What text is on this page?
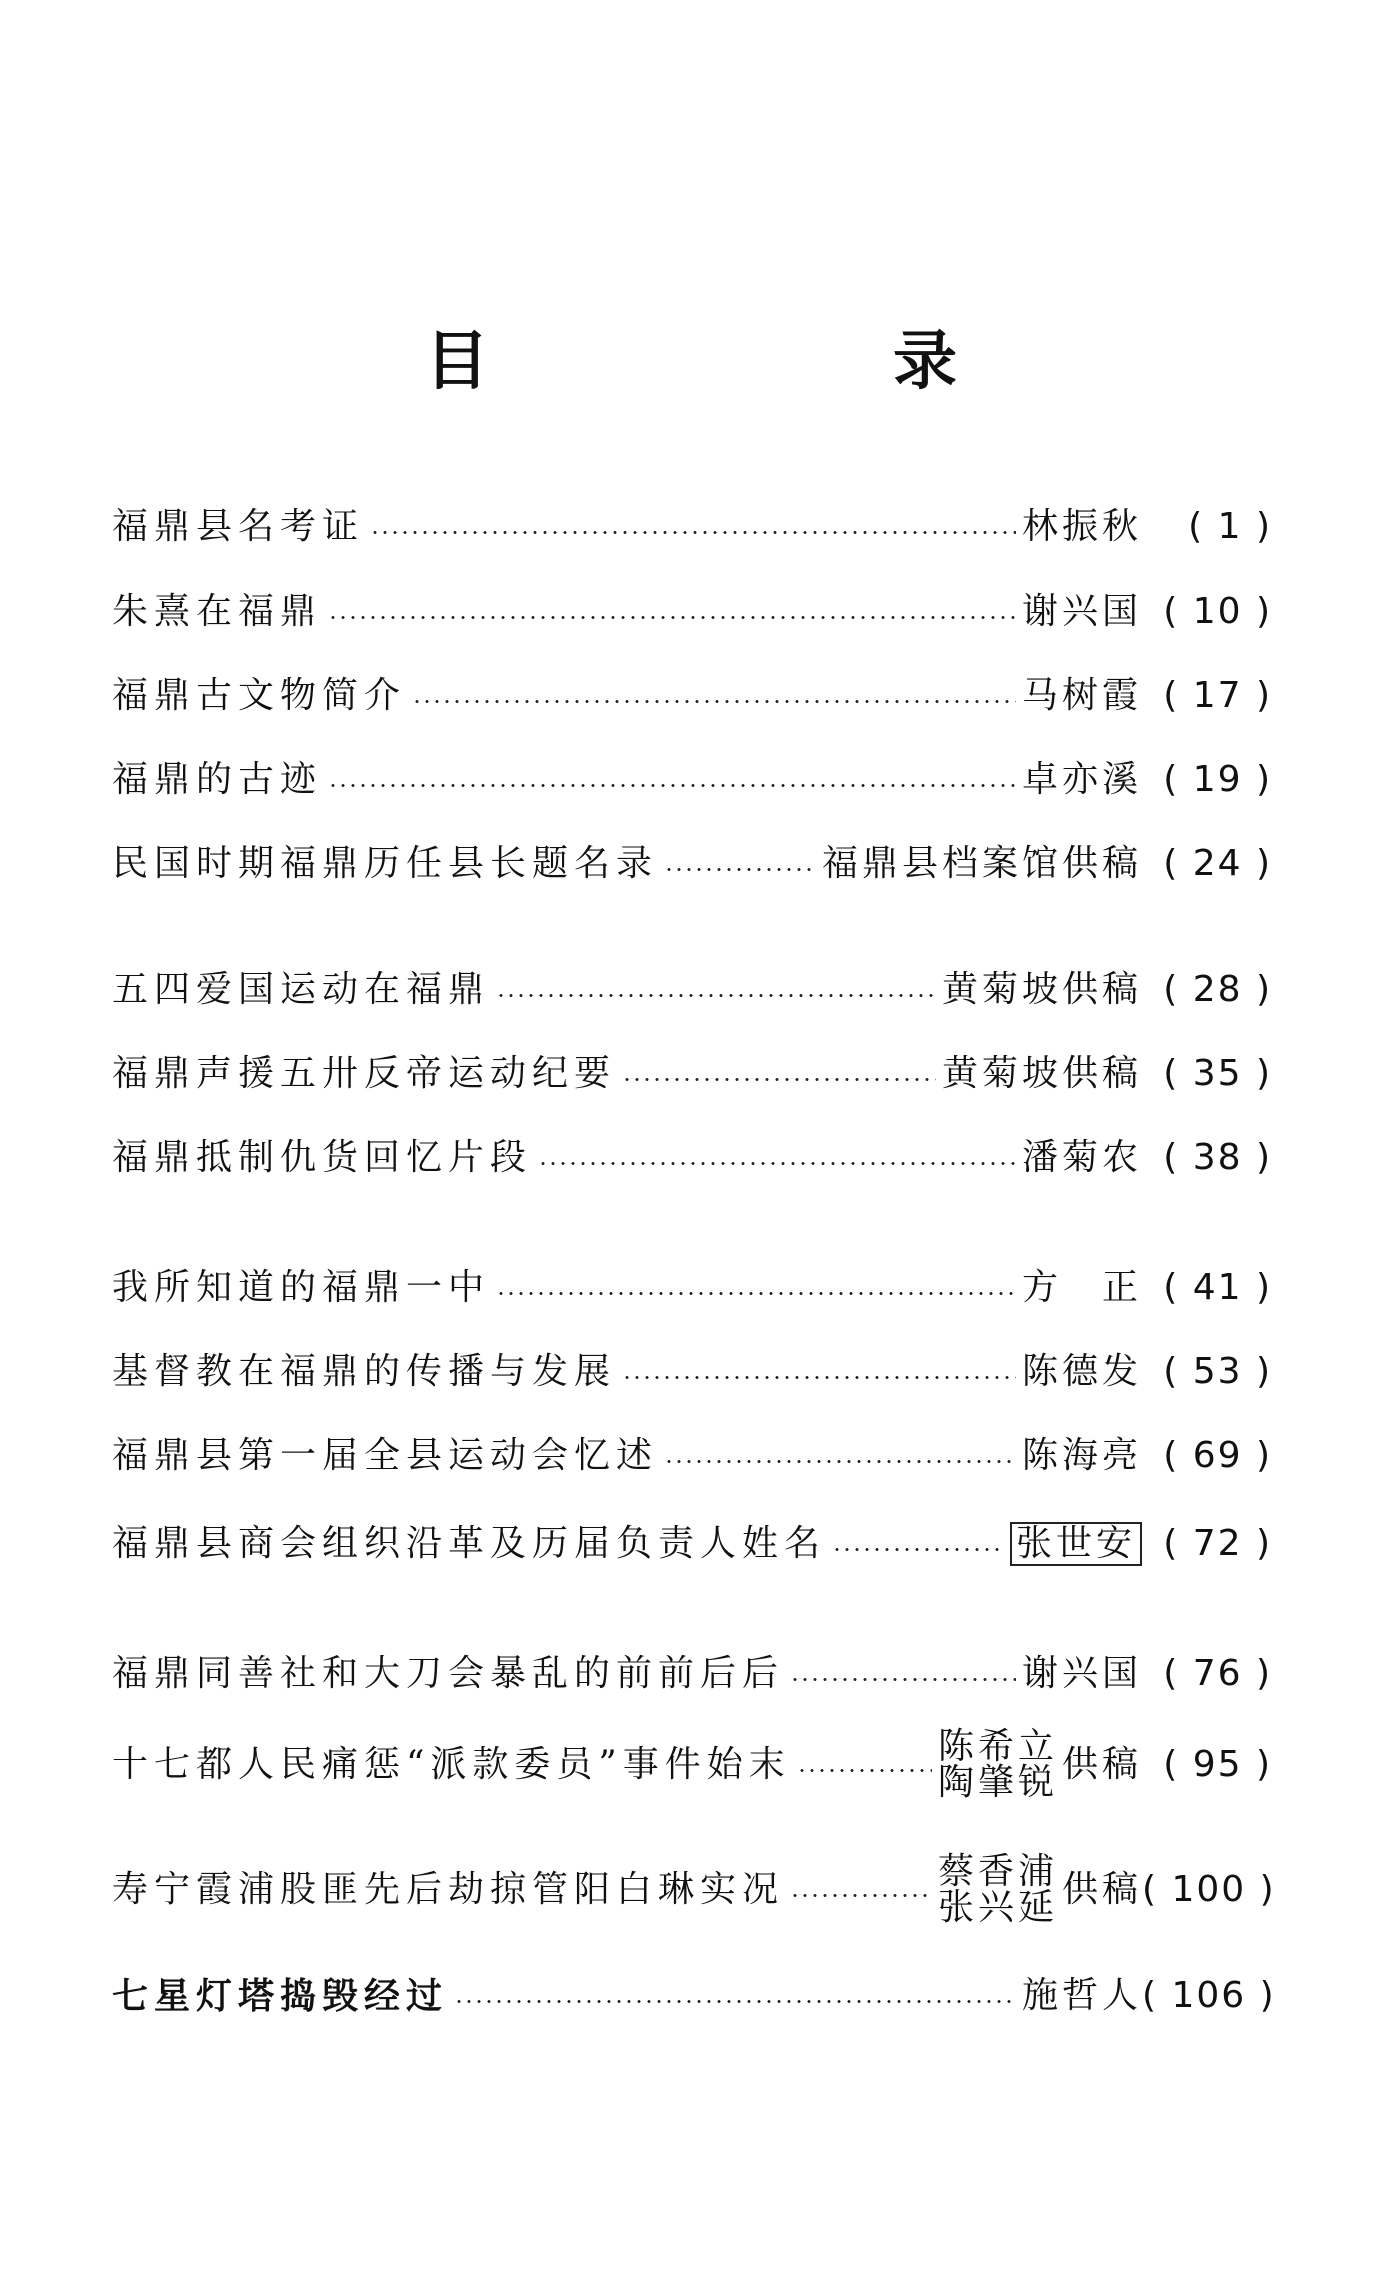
目　录
福鼎县名考证	林振秋	( 1 )
朱熹在福鼎	谢兴国 ( 10 )
福鼎古文物简介	马树霞 ( 17 )
福鼎的古迹	卓亦溪 ( 19 )
民国时期福鼎历任县长题名录	福鼎县档案馆供稿 ( 24 )
五四爱国运动在福鼎	黄菊坡供稿 ( 28 )
福鼎声援五卅反帝运动纪要	黄菊坡供稿 ( 35 )
福鼎抵制仇货回忆片段	潘菊农 ( 38 )
我所知道的福鼎一中	方　正 ( 41 )
基督教在福鼎的传播与发展	陈德发 ( 53 )
福鼎县第一届全县运动会忆述	陈海亮 ( 69 )
福鼎县商会组织沿革及历届负责人姓名	张世安 ( 72 )
福鼎同善社和大刀会暴乱的前前后后	谢兴国 ( 76 )
十七都人民痛惩“派款委员”事件始末	陈希立
陶肇锐 供稿 ( 95 )
寿宁霞浦股匪先后劫掠管阳白琳实况	蔡香浦
张兴延 供稿 ( 100 )
七星灯塔捣毁经过	施哲人 ( 106 )
